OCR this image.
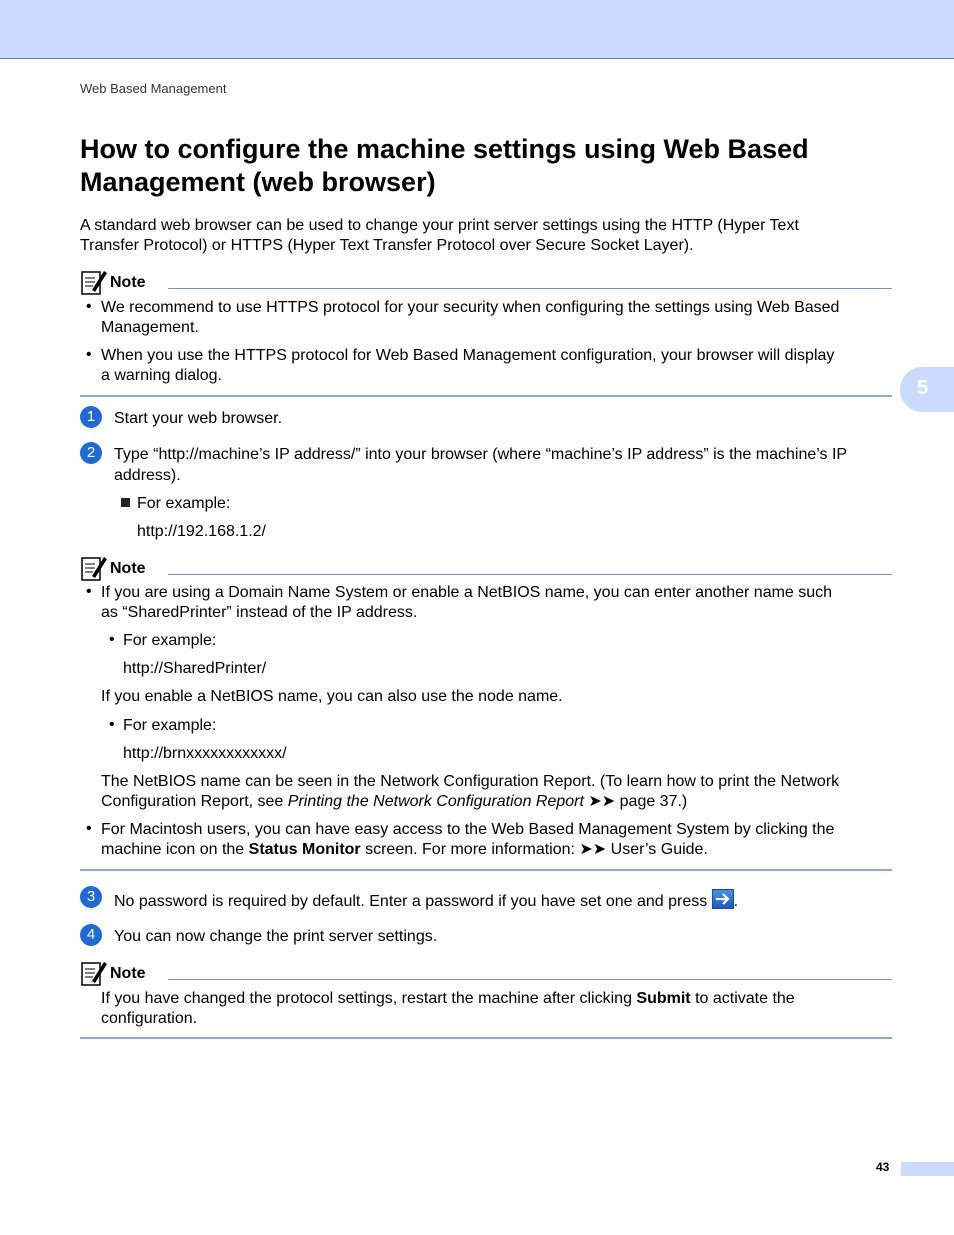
Web Based Management
5
How to configure the machine settings using Web Based Management (web browser)

A standard web browser can be used to change your print server settings using the HTTP (Hyper Text

Transfer Protocol) or HTTPS (Hyper Text Transfer Protocol over Secure Socket Layer).

Note
• We recommend to use HTTPS protocol for your security when configuring the settings using Web Based

Management.

• When you use the HTTPS protocol for Web Based Management configuration, your browser will display

a warning dialog.

1	Start your web browser.

2	Type “http://machine’s IP address/” into your browser (where “machine’s IP address” is the machine’s IP

address).

For example:

http://192.168.1.2/

Note
• If you are using a Domain Name System or enable a NetBIOS name, you can enter another name such

as “SharedPrinter” instead of the IP address.

• For example:

http://SharedPrinter/

If you enable a NetBIOS name, you can also use the node name.

• For example:

http://brnxxxxxxxxxxxx/

The NetBIOS name can be seen in the Network Configuration Report. (To learn how to print the Network

Configuration Report, see Printing the Network Configuration Report ➤➤ page 37.)

• For Macintosh users, you can have easy access to the Web Based Management System by clicking the

machine icon on the Status Monitor screen. For more information: ➤➤ User’s Guide.

3	No password is required by default. Enter a password if you have set one and press .

4	You can now change the print server settings.

Note

If you have changed the protocol settings, restart the machine after clicking Submit to activate the

configuration.

43
